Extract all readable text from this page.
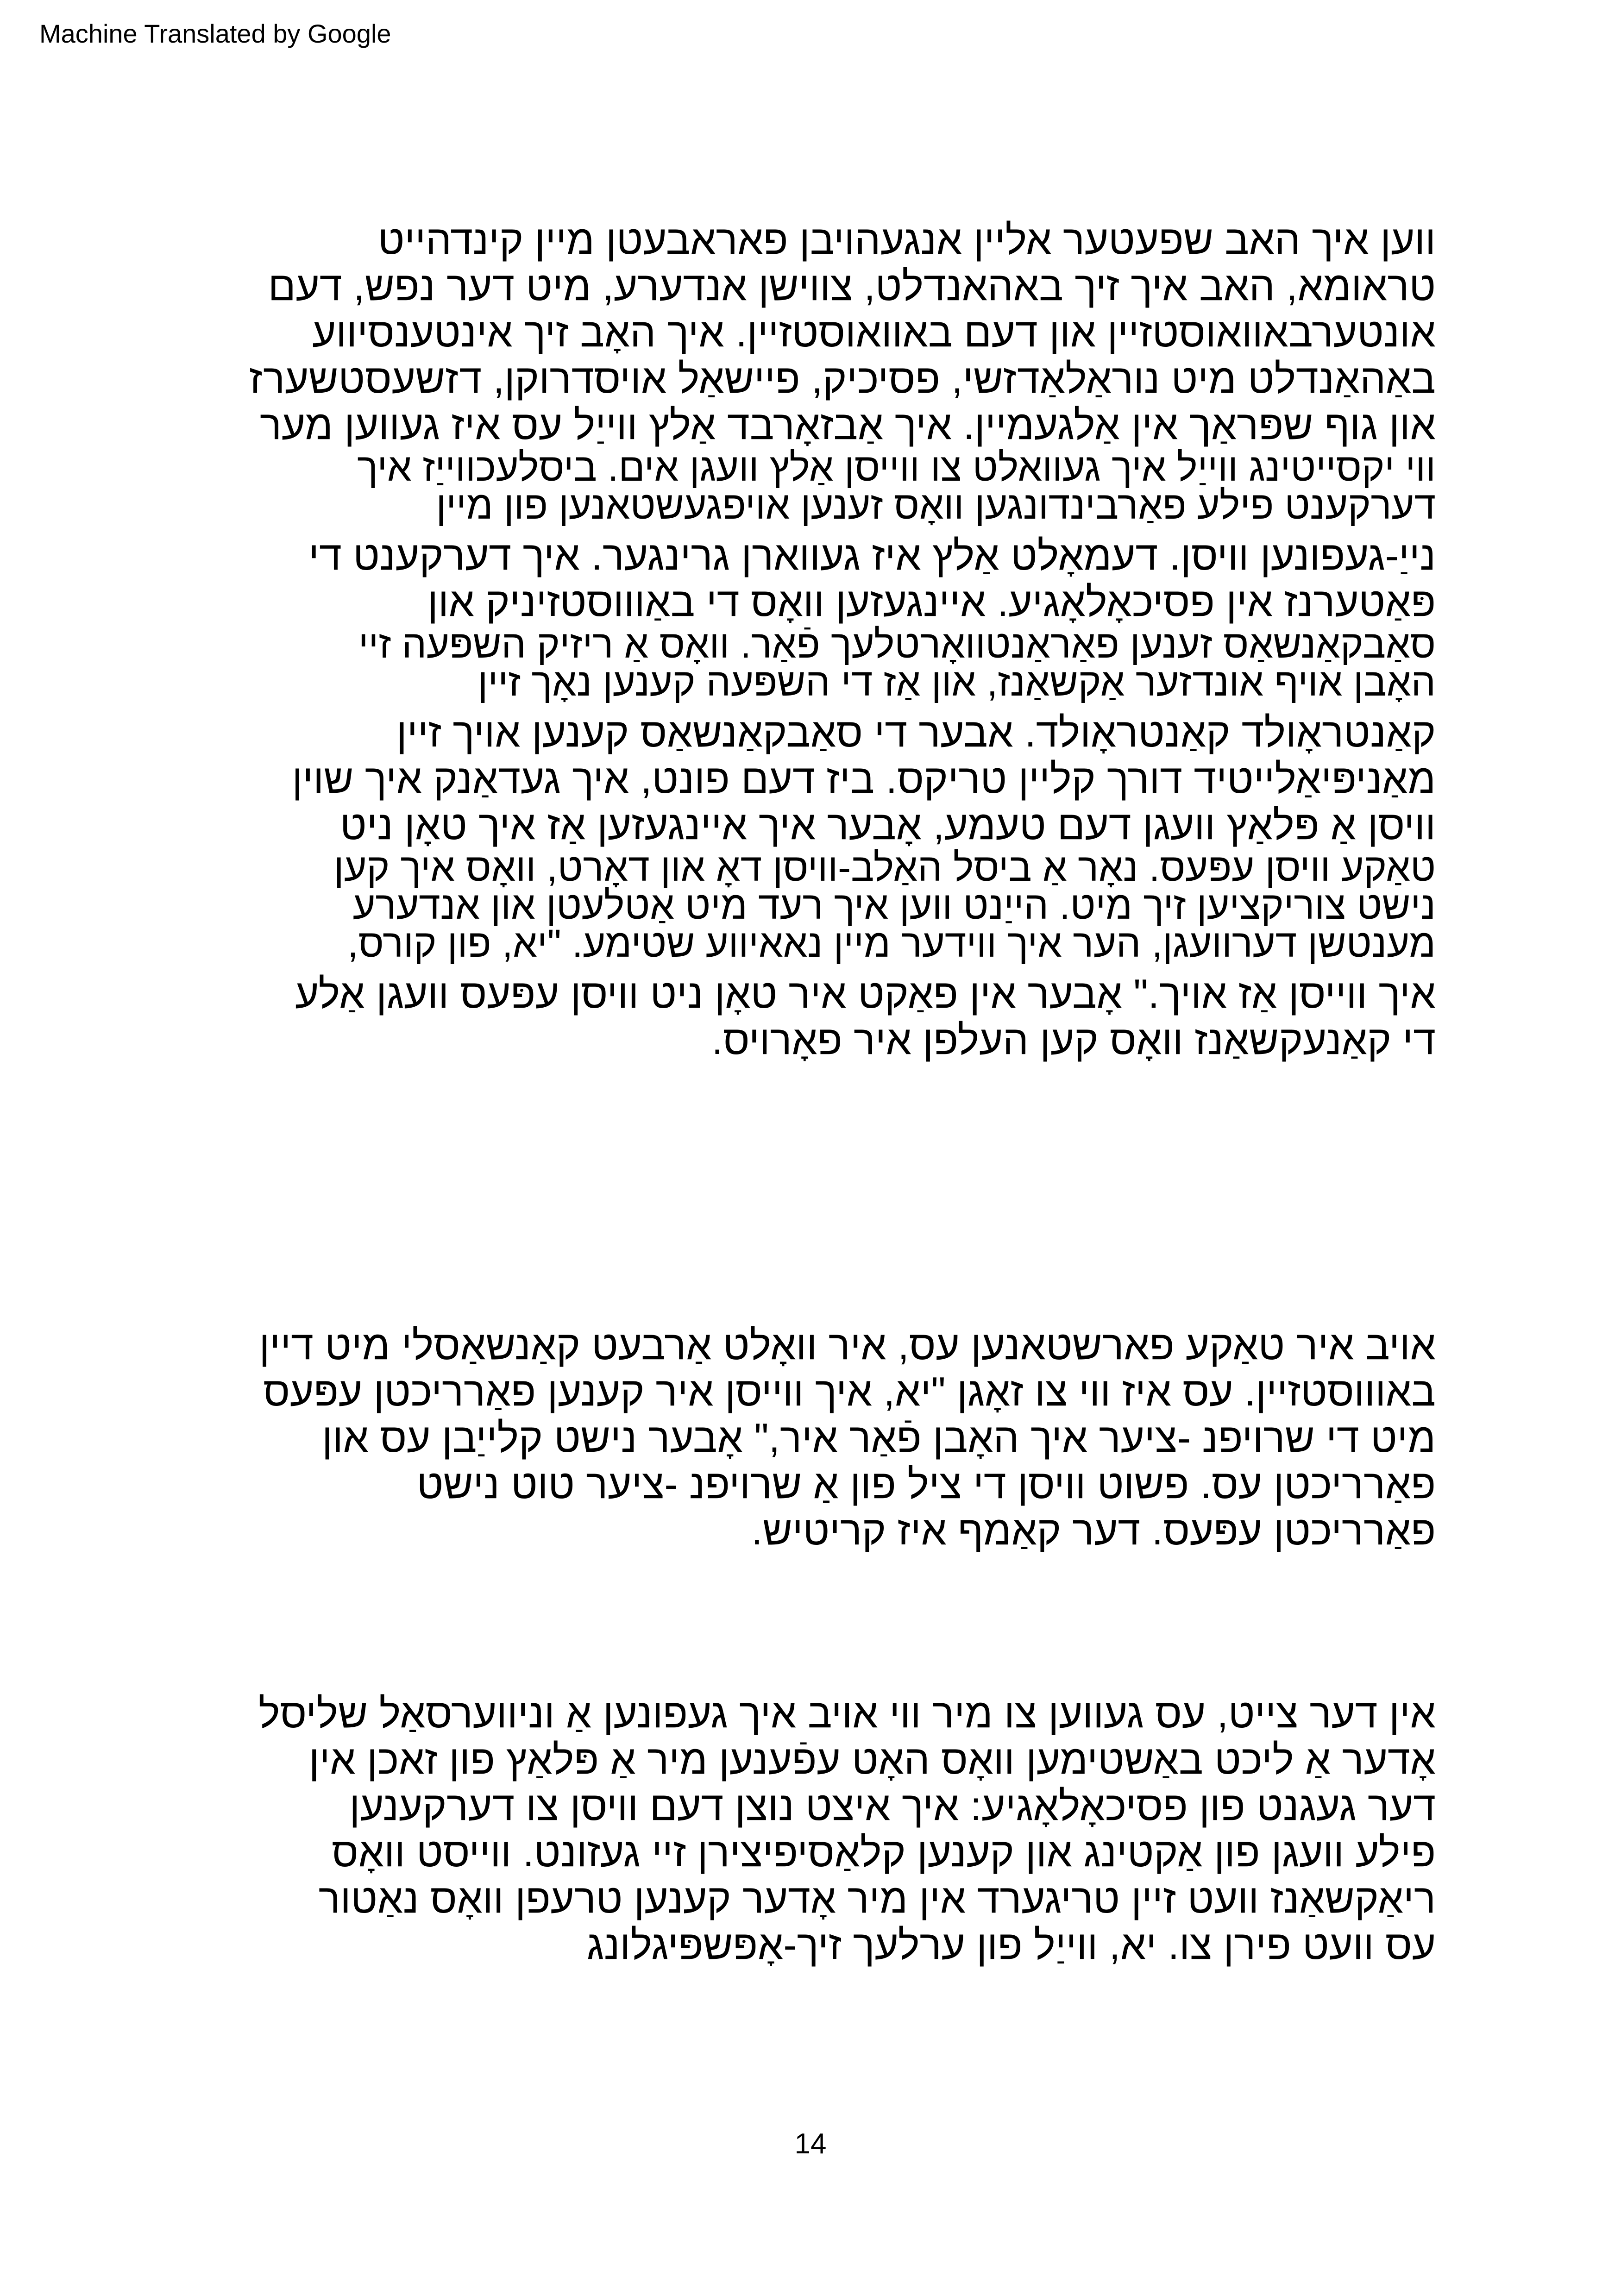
Machine Translated by Google
ווען איך האב שפעטער אליין אנגעהויבן פאראבעטן מיין קינדהייט
טראומא, האב איך זיך באהאנדלט, צווישן אנדערע, מיט דער נפש, דעם
אונטערבאוואוסטזיין און דעם באוואוסטזיין. איך האָב זיך אינטענסיווע
באַהאַנדלט מיט נוראַלאַדזשי, פסיכיק, פיישאַל אויסדרוקן, דזשעסטשערז
און גוף שפּראַך אין אַלגעמיין. איך אַבזאָרבד אַלץ ווייַל עס איז געווען מער
ווי יקסייטינג ווייַל איך געוואלט צו ווייסן אַלץ וועגן אים. ביסלעכווייַז איך
דערקענט פילע פאַרבינדונגען וואָס זענען אויפגעשטאנען פון מיין
נייַ-געפונען וויסן. דעמאָלט אַלץ איז געווארן גרינגער. איך דערקענט די
פּאַטערנז אין פסיכאָלאָגיע. איינגעזען וואָס די באַוווסטזיניק און
סאַבקאַנשאַס זענען פאַראַנטוואָרטלעך פֿאַר. וואָס אַ ריזיק השפּעה זיי
האָבן אויף אונדזער אַקשאַנז, און אַז די השפּעה קענען נאָך זיין
קאַנטראָולד קאַנטראָולד. אבער די סאַבקאַנשאַס קענען אויך זיין
מאַניפּיאַלייטיד דורך קליין טריקס. ביז דעם פונט, איך געדאַנק איך שוין
וויסן אַ פּלאַץ וועגן דעם טעמע, אָבער איך איינגעזען אַז איך טאָן ניט
טאַקע וויסן עפּעס. נאָר אַ ביסל האַלב-וויסן דאָ און דאָרט, וואָס איך קען
נישט צוריקציען זיך מיט. הייַנט ווען איך רעד מיט אַטלעטן און אנדערע
מענטשן דערוועגן, הער איך ווידער מיין נאאיווע שטימע. "יא, פון קורס,
איך ווייסן אַז אויך." אָבער אין פאַקט איר טאָן ניט וויסן עפּעס וועגן אַלע
די קאַנעקשאַנז וואָס קען העלפן איר פאָרויס.
אויב איר טאַקע פארשטאנען עס, איר וואָלט אַרבעט קאַנשאַסלי מיט דיין
באוווסטזיין. עס איז ווי צו זאָגן "יא, איך ווייסן איר קענען פאַרריכטן עפּעס
מיט די שרויפנ -ציער איך האָבן פֿאַר איר," אָבער נישט קלייַבן עס און
פאַרריכטן עס. פשוט וויסן די ציל פון אַ שרויפנ -ציער טוט נישט
פאַרריכטן עפּעס. דער קאַמף איז קריטיש.
אין דער צייט, עס געווען צו מיר ווי אויב איך געפונען אַ וניווערסאַל שליסל
אָדער אַ ליכט באַשטימען וואָס האָט עפֿענען מיר אַ פּלאַץ פון זאכן אין
דער געגנט פון פסיכאָלאָגיע: איך איצט נוצן דעם וויסן צו דערקענען
פילע וועגן פון אַקטינג און קענען קלאַסיפיצירן זיי געזונט. ווייסט וואָס
ריאַקשאַנז וועט זיין טריגערד אין מיר אָדער קענען טרעפן וואָס נאַטור
עס וועט פירן צו. יא, ווייַל פון ערלעך זיך-אָפּשפּיגלונג
14
